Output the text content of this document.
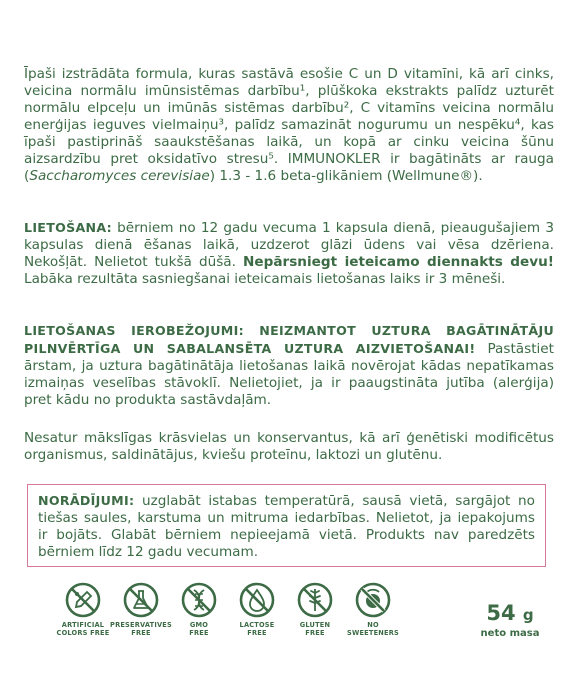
Īpaši izstrādāta formula, kuras sastāvā esošie C un D vitamīni, kā arī cinks, veicina normālu imūnsistēmas darbību¹, plūškoka ekstrakts palīdz uzturēt normālu elpceļu un imūnās sistēmas darbību², C vitamīns veicina normālu enerģijas ieguves vielmaiņu³, palīdz samazināt nogurumu un nespēku⁴, kas īpaši pastiprināš saaukstēšanas laikā, un kopā ar cinku veicina šūnu aizsardzību pret oksidatīvo stresu⁵. IMMUNOKLER ir bagātināts ar rauga (Saccharomyces cerevisiae) 1.3 - 1.6 beta-glikāniem (Wellmune®).
LIETOŠANA: bērniem no 12 gadu vecuma 1 kapsula dienā, pieaugušajiem 3 kapsulas dienā ēšanas laikā, uzdzerot glāzi ūdens vai vēsa dzēriena. Nekošļāt. Nelietot tukšā dūšā. Nepārsniegt ieteicamo diennakts devu! Labāka rezultāta sasniegšanai ieteicamais lietošanas laiks ir 3 mēneši.
LIETOŠANAS IEROBEŽOJUMI: NEIZMANTOT UZTURA BAGĀTINĀTĀJU PILNVĒRTĪGA UN SABALANSĒTA UZTURA AIZVIETOŠANAI! Pastāstiet ārstam, ja uztura bagātinātāja lietošanas laikā novērojat kādas nepatīkamas izmaiņas veselības stāvoklī. Nelietojiet, ja ir paaugstināta jutība (alerģija) pret kādu no produkta sastāvdaļām.
Nesatur mākslīgas krāsvielas un konservantus, kā arī ģenētiski modificētus organismus, saldinātājus, kviešu proteīnu, laktozi un glutēnu.
NORĀDĪJUMI: uzglabāt istabas temperatūrā, sausā vietā, sargājot no tiešas saules, karstuma un mitruma iedarbības. Nelietot, ja iepakojums ir bojāts. Glabāt bērniem nepieejamā vietā. Produkts nav paredzēts bērniem līdz 12 gadu vecumam.
ARTIFICIAL
COLORS FREE
PRESERVATIVES
FREE
GMO
FREE
LACTOSE
FREE
GLUTEN
FREE
NO
SWEETENERS
54 g
neto masa
